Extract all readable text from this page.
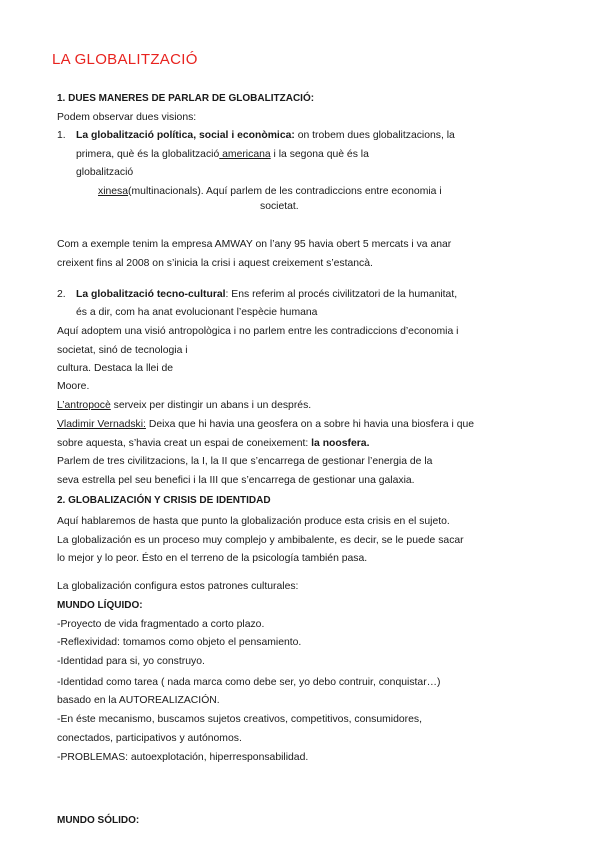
LA GLOBALITZACIÓ
1. DUES MANERES DE PARLAR DE GLOBALITZACIÓ:
Podem observar dues visions:
1. La globalització política, social i econòmica: on trobem dues globalitzacions, la
primera, què és la globalització americana i la segona què és la
globalització
xinesa(multinacionals). Aquí parlem de les contradiccions entre economia i
societat.
Com a exemple tenim la empresa AMWAY on l’any 95 havia obert 5 mercats i va anar
creixent fins al 2008 on s’inicia la crisi i aquest creixement s’estancà.
2. La globalització tecno-cultural: Ens referim al procés civilitzatori de la humanitat,
és a dir, com ha anat evolucionant l’espècie humana
Aquí adoptem una visió antropològica i no parlem entre les contradiccions d’economia i
societat, sinó de tecnologia i
cultura. Destaca la llei de
Moore.
L’antropocè serveix per distingir un abans i un després.
Vladimir Vernadski: Deixa que hi havia una geosfera on a sobre hi havia una biosfera i que
sobre aquesta, s’havia creat un espai de coneixement: la noosfera.
Parlem de tres civilitzacions, la I, la II que s’encarrega de gestionar l’energia de la
seva estrella pel seu benefici i la III que s’encarrega de gestionar una galaxia.
2. GLOBALIZACIÓN Y CRISIS DE IDENTIDAD
Aquí hablaremos de hasta que punto la globalización produce esta crisis en el sujeto.
La globalización es un proceso muy complejo y ambibalente, es decir, se le puede sacar
lo mejor y lo peor. Ésto en el terreno de la psicología también pasa.
La globalización configura estos patrones culturales:
MUNDO LÍQUIDO:
-Proyecto de vida fragmentado a corto plazo.
-Reflexividad: tomamos como objeto el pensamiento.
-Identidad para si, yo construyo.
-Identidad como tarea ( nada marca como debe ser, yo debo contruir, conquistar…)
basado en la AUTOREALIZACIÓN.
-En éste mecanismo, buscamos sujetos creativos, competitivos, consumidores,
conectados, participativos y autónomos.
-PROBLEMAS: autoexplotación, hiperresponsabilidad.
MUNDO SÓLIDO:
